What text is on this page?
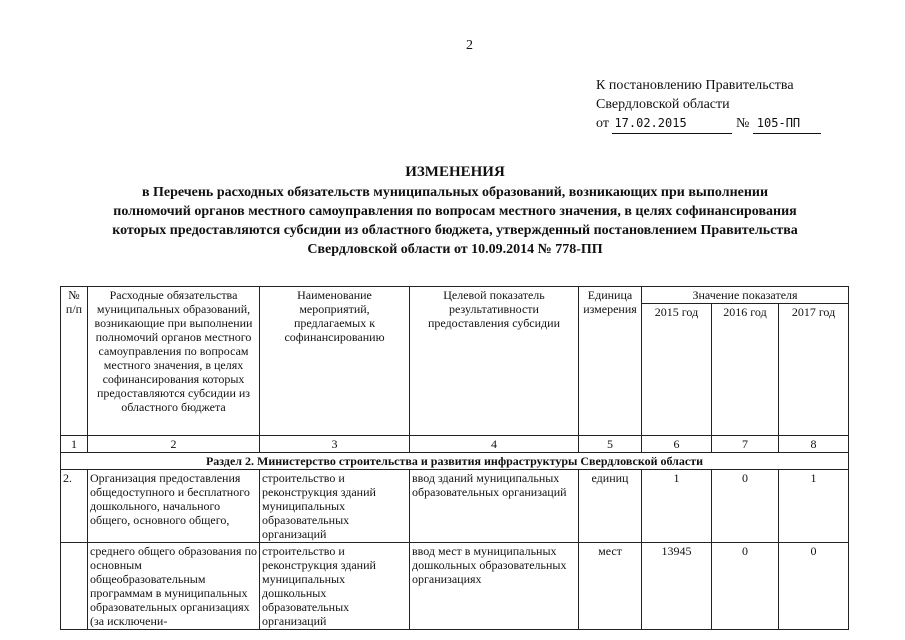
2
К постановлению Правительства
Свердловской области
от 17.02.2015	№ 105-ПП
ИЗМЕНЕНИЯ
в Перечень расходных обязательств муниципальных образований, возникающих при выполнении
полномочий органов местного самоуправления по вопросам местного значения, в целях софинансирования
которых предоставляются субсидии из областного бюджета, утвержденный постановлением Правительства
Свердловской области от 10.09.2014 № 778-ПП
№ п/п	Расходные обязательства муниципальных образований, возникающие при выполнении полномочий органов местного самоуправления по вопросам местного значения, в целях софинансирования которых предоставляются субсидии из областного бюджета	Наименование мероприятий, предлагаемых к софинансированию	Целевой показатель результативности предоставления субсидии	Единица измерения	Значение показателя		
					2015 год	2016 год	2017 год
1	2	3	4	5	6	7	8
Раздел 2. Министерство строительства и развития инфраструктуры Свердловской области							
2.	Организация предоставления общедоступного и бесплатного дошкольного, начального общего, основного общего,	строительство и реконструкция зданий муниципальных образовательных организаций	ввод зданий муниципальных образовательных организаций	единиц	1	0	1
	среднего общего образования по основным общеобразовательным программам в муниципальных образовательных организациях (за исключени-	строительство и реконструкция зданий муниципальных дошкольных образовательных организаций	ввод мест в муниципальных дошкольных образовательных организациях	мест	13945	0	0
